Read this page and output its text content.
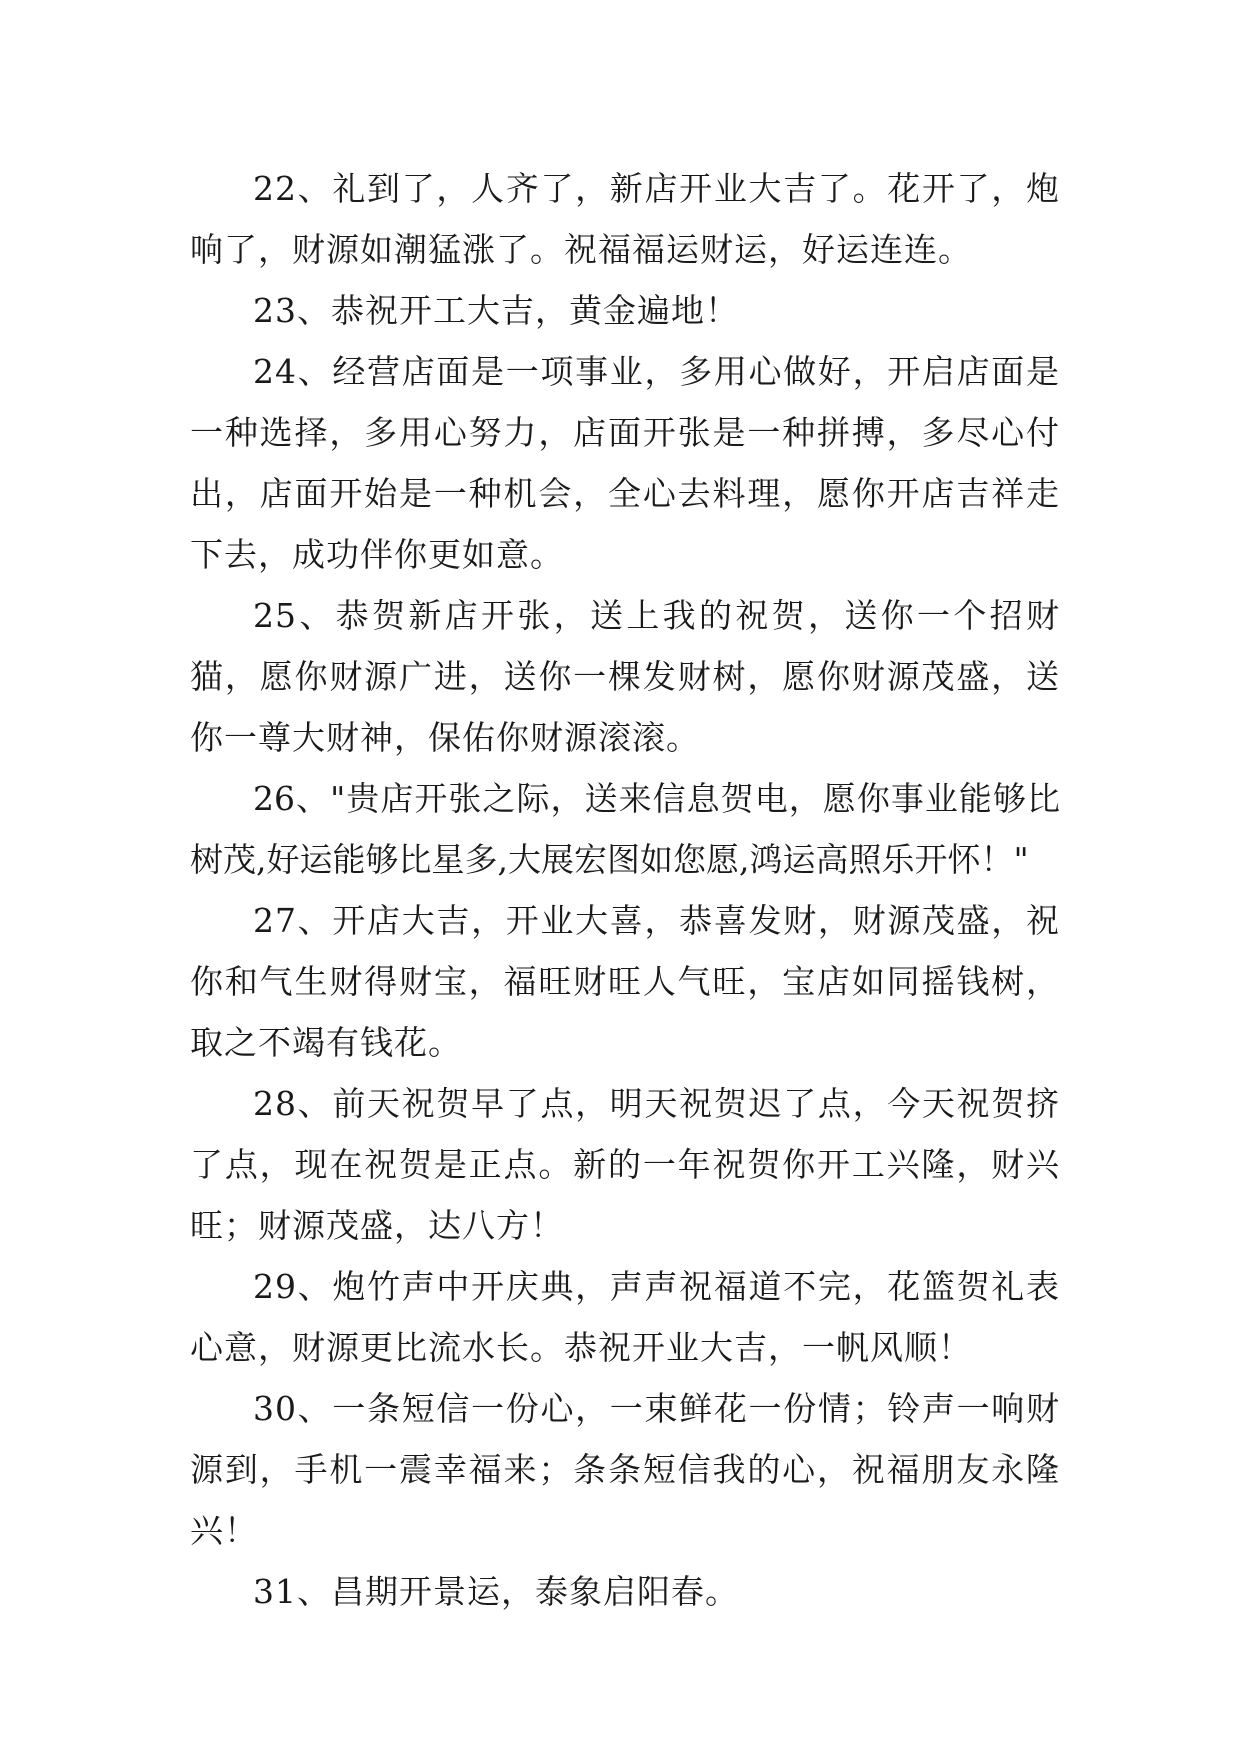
22、礼到了，人齐了，新店开业大吉了。花开了，炮响了，财源如潮猛涨了。祝福福运财运，好运连连。

23、恭祝开工大吉，黄金遍地！

24、经营店面是一项事业，多用心做好，开启店面是一种选择，多用心努力，店面开张是一种拼搏，多尽心付出，店面开始是一种机会，全心去料理，愿你开店吉祥走下去，成功伴你更如意。

25、恭贺新店开张，送上我的祝贺，送你一个招财猫，愿你财源广进，送你一棵发财树，愿你财源茂盛，送你一尊大财神，保佑你财源滚滚。

26、"贵店开张之际，送来信息贺电，愿你事业能够比树茂,好运能够比星多,大展宏图如您愿,鸿运高照乐开怀！"

27、开店大吉，开业大喜，恭喜发财，财源茂盛，祝你和气生财得财宝，福旺财旺人气旺，宝店如同摇钱树，取之不竭有钱花。

28、前天祝贺早了点，明天祝贺迟了点，今天祝贺挤了点，现在祝贺是正点。新的一年祝贺你开工兴隆，财兴旺；财源茂盛，达八方！

29、炮竹声中开庆典，声声祝福道不完，花篮贺礼表心意，财源更比流水长。恭祝开业大吉，一帆风顺！

30、一条短信一份心，一束鲜花一份情；铃声一响财源到，手机一震幸福来；条条短信我的心，祝福朋友永隆兴！

31、昌期开景运，泰象启阳春。
